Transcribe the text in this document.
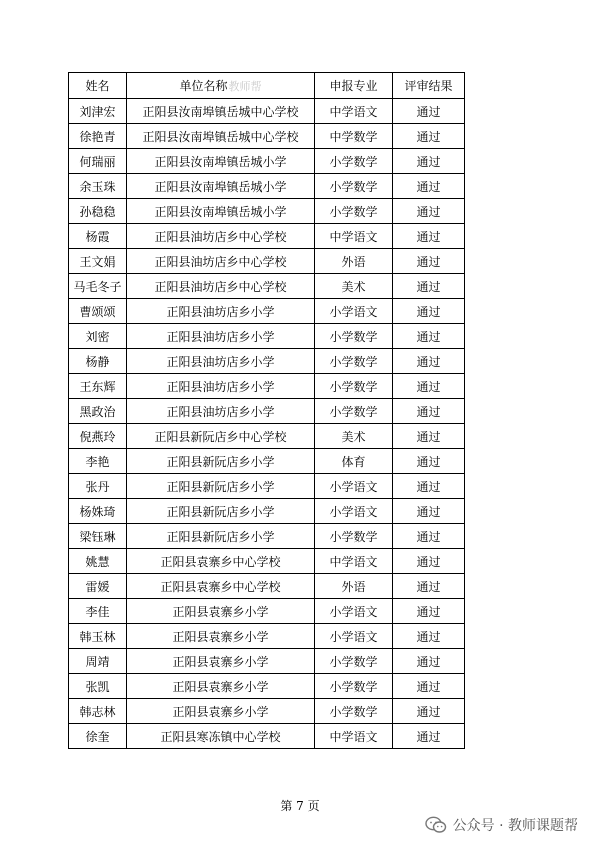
姓名	单位名称教师帮	申报专业	评审结果
刘津宏	正阳县汝南埠镇岳城中心学校	中学语文	通过
徐艳青	正阳县汝南埠镇岳城中心学校	中学数学	通过
何瑞丽	正阳县汝南埠镇岳城小学	小学数学	通过
余玉珠	正阳县汝南埠镇岳城小学	小学数学	通过
孙稳稳	正阳县汝南埠镇岳城小学	小学数学	通过
杨霞	正阳县油坊店乡中心学校	中学语文	通过
王文娟	正阳县油坊店乡中心学校	外语	通过
马毛冬子	正阳县油坊店乡中心学校	美术	通过
曹颂颂	正阳县油坊店乡小学	小学语文	通过
刘密	正阳县油坊店乡小学	小学数学	通过
杨静	正阳县油坊店乡小学	小学数学	通过
王东辉	正阳县油坊店乡小学	小学数学	通过
黑政治	正阳县油坊店乡小学	小学数学	通过
倪燕玲	正阳县新阮店乡中心学校	美术	通过
李艳	正阳县新阮店乡小学	体育	通过
张丹	正阳县新阮店乡小学	小学语文	通过
杨姝琦	正阳县新阮店乡小学	小学语文	通过
梁钰琳	正阳县新阮店乡小学	小学数学	通过
姚慧	正阳县袁寨乡中心学校	中学语文	通过
雷媛	正阳县袁寨乡中心学校	外语	通过
李佳	正阳县袁寨乡小学	小学语文	通过
韩玉林	正阳县袁寨乡小学	小学语文	通过
周靖	正阳县袁寨乡小学	小学数学	通过
张凯	正阳县袁寨乡小学	小学数学	通过
韩志林	正阳县袁寨乡小学	小学数学	通过
徐奎	正阳县寒冻镇中心学校	中学语文	通过
第 7 页
公众号 · 教师课题帮
